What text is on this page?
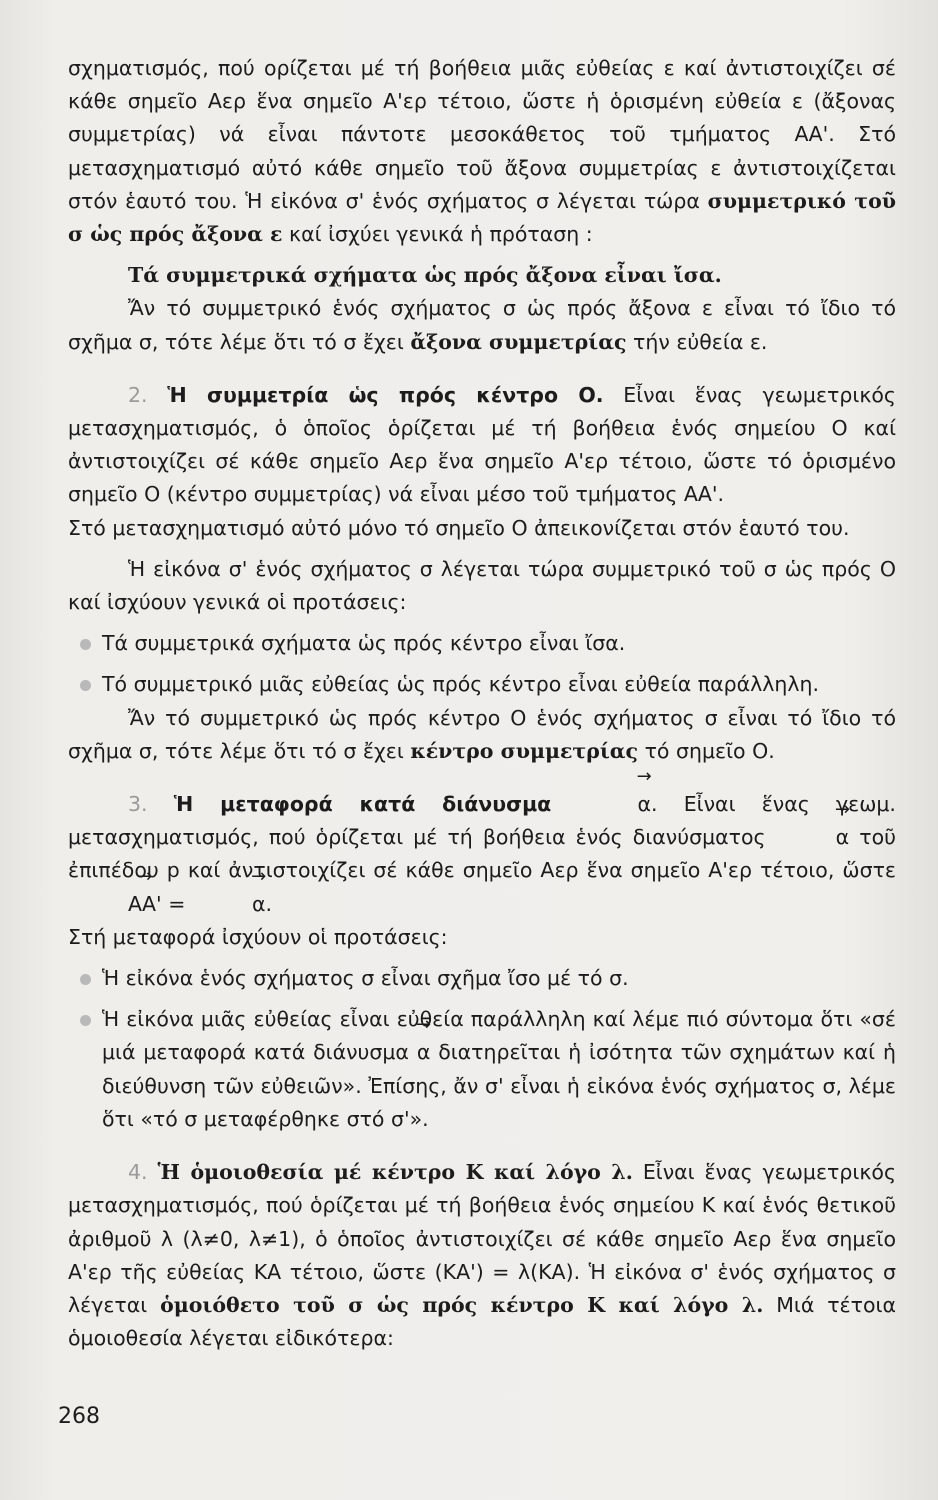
σχηματισμός, πού ορίζεται μέ τή βοήθεια μιᾶς εὐθείας ε καί ἀντιστοιχίζει σέ κάθε σημεῖο Αερ ἕνα σημεῖο Α'ερ τέτοιο, ὥστε ἡ ὁρισμένη εὐθεία ε (ἄξονας συμμετρίας) νά εἶναι πάντοτε μεσοκάθετος τοῦ τμήματος ΑΑ'. Στό μετασχηματισμό αὐτό κάθε σημεῖο τοῦ ἄξονα συμμετρίας ε ἀντιστοιχίζεται στόν ἑαυτό του. Ἡ εἰκόνα σ' ἑνός σχήματος σ λέγεται τώρα συμμετρικό τοῦ σ ὡς πρός ἄξονα ε καί ἰσχύει γενικά ἡ πρόταση :

Τά συμμετρικά σχήματα ὡς πρός ἄξονα εἶναι ἴσα.

Ἄν τό συμμετρικό ἑνός σχήματος σ ὡς πρός ἄξονα ε εἶναι τό ἴδιο τό σχῆμα σ, τότε λέμε ὅτι τό σ ἔχει ἄξονα συμμετρίας τήν εὐθεία ε.

2. Ἡ συμμετρία ὡς πρός κέντρο Ο. Εἶναι ἕνας γεωμετρικός μετασχηματισμός, ὁ ὁποῖος ὁρίζεται μέ τή βοήθεια ἑνός σημείου Ο καί ἀντιστοιχίζει σέ κάθε σημεῖο Αερ ἕνα σημεῖο Α'ερ τέτοιο, ὥστε τό ὁρισμένο σημεῖο Ο (κέντρο συμμετρίας) νά εἶναι μέσο τοῦ τμήματος ΑΑ'.

Στό μετασχηματισμό αὐτό μόνο τό σημεῖο Ο ἀπεικονίζεται στόν ἑαυτό του.

Ἡ εἰκόνα σ' ἑνός σχήματος σ λέγεται τώρα συμμετρικό τοῦ σ ὡς πρός Ο καί ἰσχύουν γενικά οἱ προτάσεις:

Τά συμμετρικά σχήματα ὡς πρός κέντρο εἶναι ἴσα.

Τό συμμετρικό μιᾶς εὐθείας ὡς πρός κέντρο εἶναι εὐθεία παράλληλη.

Ἄν τό συμμετρικό ὡς πρός κέντρο Ο ἑνός σχήματος σ εἶναι τό ἴδιο τό σχῆμα σ, τότε λέμε ὅτι τό σ ἔχει κέντρο συμμετρίας τό σημεῖο Ο.

3. Ἡ μεταφορά κατά διάνυσμα	→ α. Εἶναι ἕνας γεωμ. μετασχηματισμός, πού ὁρίζεται μέ τή βοήθεια ἑνός διανύσματος	→ α τοῦ ἐπιπέδου p καί ἀντιστοιχίζει σέ κάθε σημεῖο Αερ ἕνα σημεῖο Α'ερ τέτοιο, ὥστε → ΑΑ' =	→ α.

Στή μεταφορά ἰσχύουν οἱ προτάσεις:

Ἡ εἰκόνα ἑνός σχήματος σ εἶναι σχῆμα ἴσο μέ τό σ.

Ἡ εἰκόνα μιᾶς εὐθείας εἶναι εὐθεία παράλληλη καί λέμε πιό σύντομα ὅτι «σέ μιά μεταφορά κατά διάνυσμα → α διατηρεῖται ἡ ἰσότητα τῶν σχημάτων καί ἡ διεύθυνση τῶν εὐθειῶν». Ἐπίσης, ἄν σ' εἶναι ἡ εἰκόνα ἑνός σχήματος σ, λέμε ὅτι «τό σ μεταφέρθηκε στό σ'».

4. Ἡ ὁμοιοθεσία μέ κέντρο Κ καί λόγο λ. Εἶναι ἕνας γεωμετρικός μετασχηματισμός, πού ὁρίζεται μέ τή βοήθεια ἑνός σημείου Κ καί ἑνός θετικοῦ ἀριθμοῦ λ (λ≠0, λ≠1), ὁ ὁποῖος ἀντιστοιχίζει σέ κάθε σημεῖο Αερ ἕνα σημεῖο Α'ερ τῆς εὐθείας ΚΑ τέτοιο, ὥστε (ΚΑ') = λ(ΚΑ). Ἡ εἰκόνα σ' ἑνός σχήματος σ λέγεται ὁμοιόθετο τοῦ σ ὡς πρός κέντρο Κ καί λόγο λ. Μιά τέτοια ὁμοιοθεσία λέγεται εἰδικότερα:

268
